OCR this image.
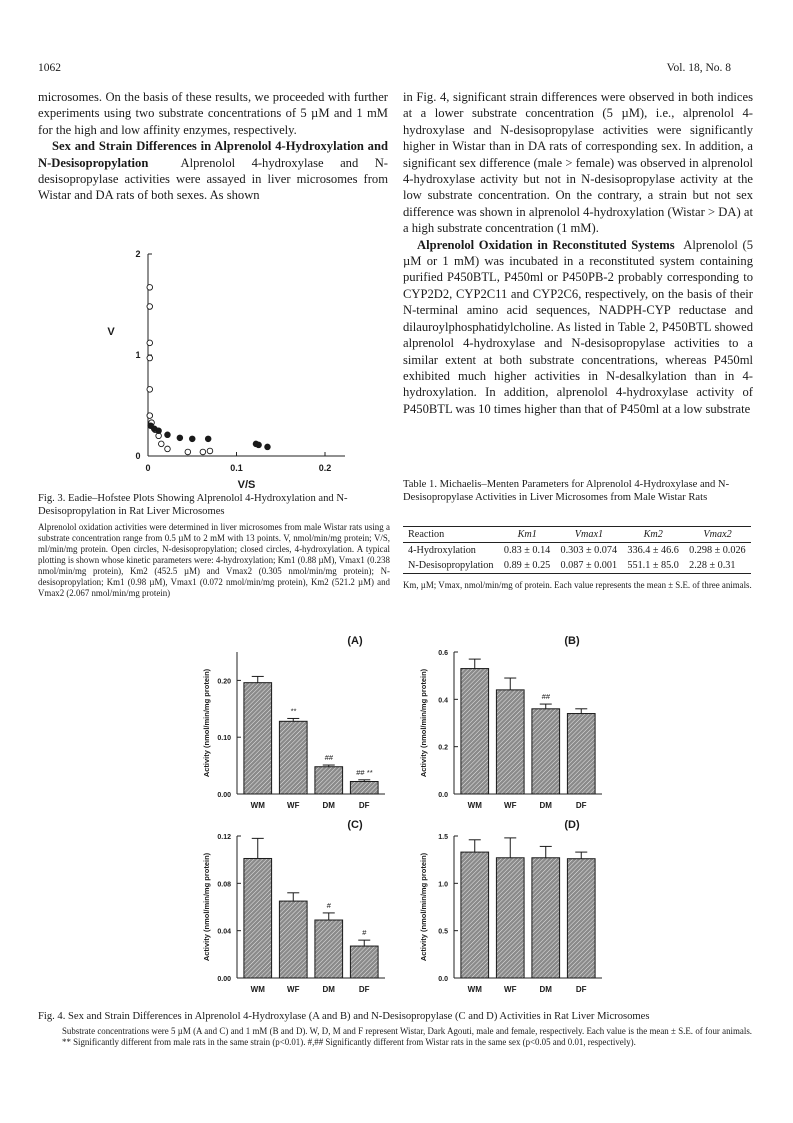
1062	Vol. 18, No. 8

microsomes. On the basis of these results, we proceeded with further experiments using two substrate concentrations of 5 µM and 1 mM for the high and low affinity enzymes, respectively.

Sex and Strain Differences in Alprenolol 4-Hydroxylation and N-Desisopropylation	Alprenolol 4-hydroxylase and N-desisopropylase activities were assayed in liver microsomes from Wistar and DA rats of both sexes. As shown

in Fig. 4, significant strain differences were observed in both indices at a lower substrate concentration (5 µM), i.e., alprenolol 4-hydroxylase and N-desisopropylase activities were significantly higher in Wistar than in DA rats of corresponding sex. In addition, a significant sex difference (male > female) was observed in alprenolol 4-hydroxylase activity but not in N-desisopropylase activity at the low substrate concentration. On the contrary, a strain but not sex difference was shown in alprenolol 4-hydroxylation (Wistar > DA) at a high substrate concentration (1 mM).

Alprenolol Oxidation in Reconstituted Systems Alprenolol (5 µM or 1 mM) was incubated in a reconstituted system containing purified P450BTL, P450ml or P450PB-2 probably corresponding to CYP2D2, CYP2C11 and CYP2C6, respectively, on the basis of their N-terminal amino acid sequences, NADPH-CYP reductase and dilauroylphosphatidylcholine. As listed in Table 2, P450BTL showed alprenolol 4-hydroxylase and N-desisopropylase activities to a similar extent at both substrate concentrations, whereas P450ml exhibited much higher activities in N-desalkylation than in 4-hydroxylation. In addition, alprenolol 4-hydroxylase activity of P450BTL was 10 times higher than that of P450ml at a low substrate

0	0.1	0.2
0
1
2
V/S
V
Fig. 3. Eadie–Hofstee Plots Showing Alprenolol 4-Hydroxylation and N-Desisopropylation in Rat Liver Microsomes
Alprenolol oxidation activities were determined in liver microsomes from male Wistar rats using a substrate concentration range from 0.5 µM to 2 mM with 13 points. V, nmol/min/mg protein; V/S, ml/min/mg protein. Open circles, N-desisopropylation; closed circles, 4-hydroxylation. A typical plotting is shown whose kinetic parameters were: 4-hydroxylation; Km1 (0.88 µM), Vmax1 (0.238 nmol/min/mg protein), Km2 (452.5 µM) and Vmax2 (0.305 nmol/min/mg protein); N-desisopropylation; Km1 (0.98 µM), Vmax1 (0.072 nmol/min/mg protein), Km2 (521.2 µM) and Vmax2 (2.067 nmol/min/mg protein)
Table 1. Michaelis–Menten Parameters for Alprenolol 4-Hydroxylase and N-Desisopropylase Activities in Liver Microsomes from Male Wistar Rats
Reaction	Km1	Vmax1	Km2	Vmax2
4-Hydroxylation	0.83 ± 0.14	0.303 ± 0.074	336.4 ± 46.6	0.298 ± 0.026
N-Desisopropylation	0.89 ± 0.25	0.087 ± 0.001	551.1 ± 85.0	2.28 ± 0.31
Km, µM; Vmax, nmol/min/mg of protein. Each value represents the mean ± S.E. of three animals.
0.00
0.10
0.20
Activity (nmol/min/mg protein)
(A)
WM	WF
**
DM
##
DF
## **
0.0
0.2
0.4
0.6
Activity (nmol/min/mg protein)
(B)
WM	WF	DM
##
DF
0.00
0.04
0.08
0.12
Activity (nmol/min/mg protein)
(C)
WM	WF	DM
#
DF
#
0.0
0.5
1.0
1.5
Activity (nmol/min/mg protein)
(D)
WM	WF	DM	DF
Fig. 4. Sex and Strain Differences in Alprenolol 4-Hydroxylase (A and B) and N-Desisopropylase (C and D) Activities in Rat Liver Microsomes
Substrate concentrations were 5 µM (A and C) and 1 mM (B and D). W, D, M and F represent Wistar, Dark Agouti, male and female, respectively. Each value is the mean ± S.E. of four animals. ** Significantly different from male rats in the same strain (p<0.01). #,## Significantly different from Wistar rats in the same sex (p<0.05 and 0.01, respectively).
